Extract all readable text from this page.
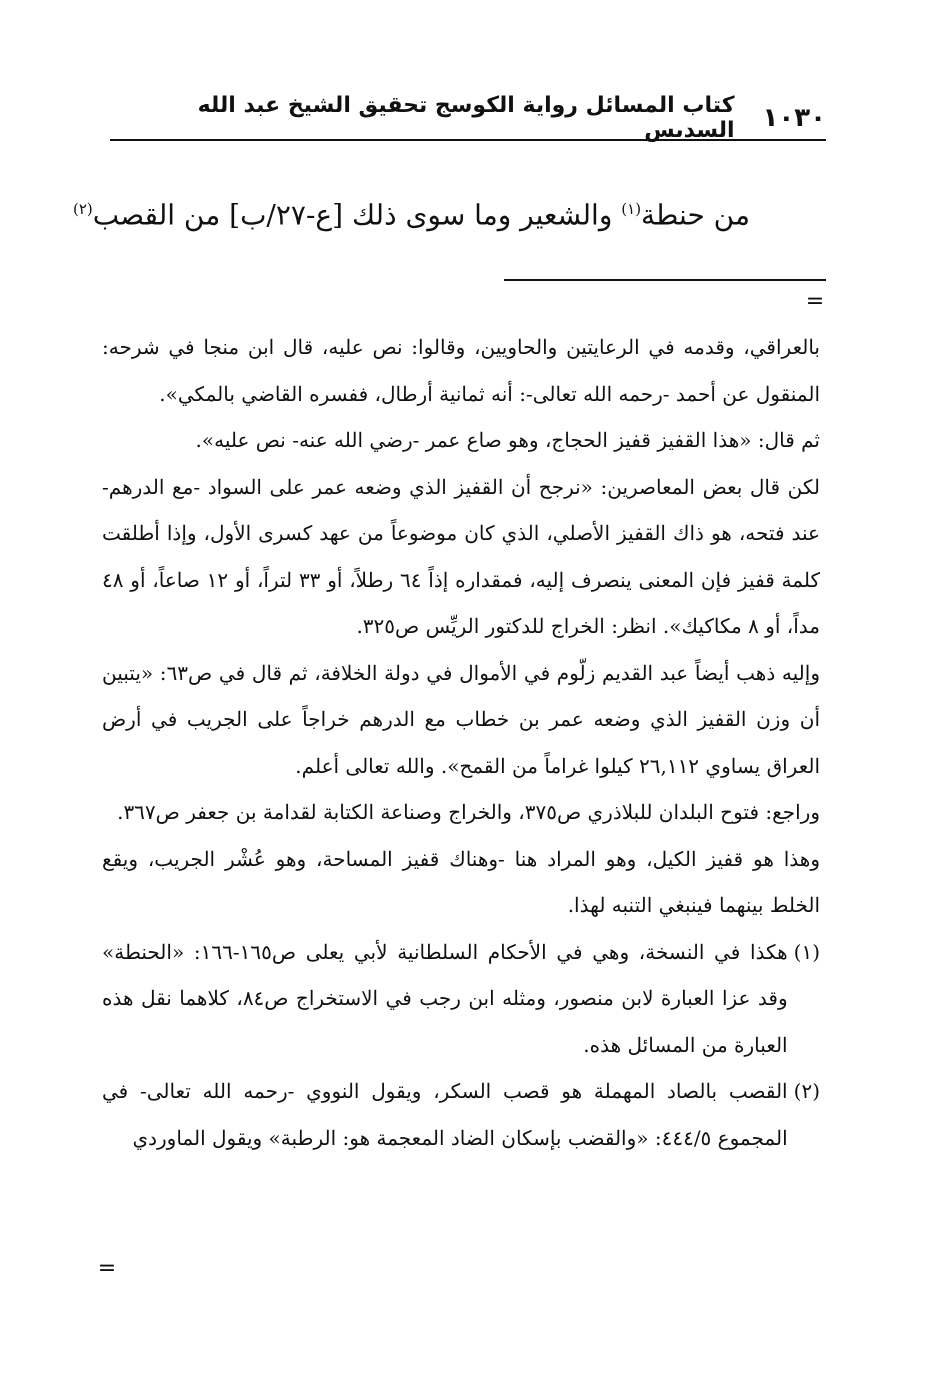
١٠٣٠
كتاب المسائل رواية الكوسج تحقيق الشيخ عبد الله السديس
من حنطة$^{(١)}$ والشعير وما سوى ذلك [ع-٢٧/ب] من القصب$^{(٢)}$
=

بالعراقي، وقدمه في الرعايتين والحاويين، وقالوا: نص عليه، قال ابن منجا في شرحه: المنقول عن أحمد -رحمه الله تعالى-: أنه ثمانية أرطال، ففسره القاضي بالمكي».

ثم قال: «هذا القفيز قفيز الحجاج، وهو صاع عمر -رضي الله عنه- نص عليه».

لكن قال بعض المعاصرين: «نرجح أن القفيز الذي وضعه عمر على السواد -مع الدرهم- عند فتحه، هو ذاك القفيز الأصلي، الذي كان موضوعاً من عهد كسرى الأول، وإذا أطلقت كلمة قفيز فإن المعنى ينصرف إليه، فمقداره إذاً ٦٤ رطلاً، أو ٣٣ لتراً، أو ١٢ صاعاً، أو ٤٨ مداً، أو ٨ مكاكيك». انظر: الخراج للدكتور الريِّس ص٣٢٥.

وإليه ذهب أيضاً عبد القديم زلّوم في الأموال في دولة الخلافة، ثم قال في ص٦٣: «يتبين أن وزن القفيز الذي وضعه عمر بن خطاب مع الدرهم خراجاً على الجريب في أرض العراق يساوي ٢٦,١١٢ كيلوا غراماً من القمح». والله تعالى أعلم.

وراجع: فتوح البلدان للبلاذري ص٣٧٥، والخراج وصناعة الكتابة لقدامة بن جعفر ص٣٦٧.

وهذا هو قفيز الكيل، وهو المراد هنا -وهناك قفيز المساحة، وهو عُشْر الجريب، ويقع الخلط بينهما فينبغي التنبه لهذا.

(١)
هكذا في النسخة، وهي في الأحكام السلطانية لأبي يعلى ص١٦٥-١٦٦: «الحنطة» وقد عزا العبارة لابن منصور، ومثله ابن رجب في الاستخراج ص٨٤، كلاهما نقل هذه العبارة من المسائل هذه.
(٢)
القصب بالصاد المهملة هو قصب السكر، ويقول النووي -رحمه الله تعالى- في المجموع ٤٤٤/٥: «والقضب بإسكان الضاد المعجمة هو: الرطبة» ويقول الماوردي
=
